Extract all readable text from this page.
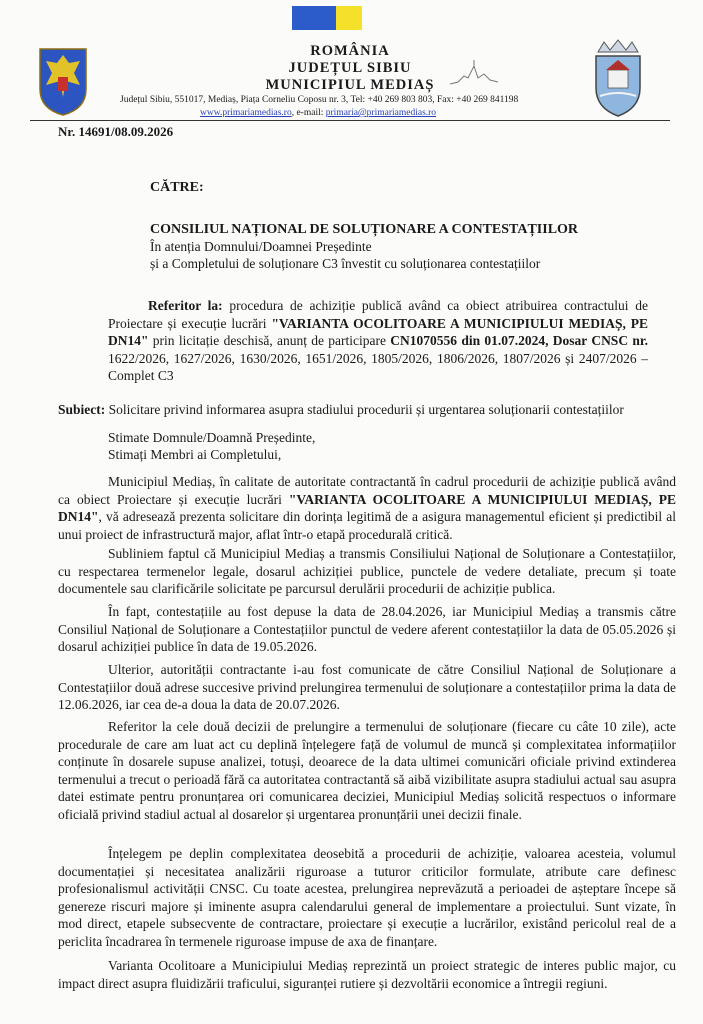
ROMÂNIA
JUDEȚUL SIBIU
MUNICIPIUL MEDIAȘ
Județul Sibiu, 551017, Mediaș, Piața Corneliu Coposu nr. 3, Tel: +40 269 803 803, Fax: +40 269 841198
www.primariamedias.ro, e-mail: primaria@primariamedias.ro
Nr. 14691/08.09.2026
CĂTRE:
CONSILIUL NAȚIONAL DE SOLUȚIONARE A CONTESTAȚIILOR
În atenția Domnului/Doamnei Președinte
și a Completului de soluționare C3 învestit cu soluționarea contestațiilor
Referitor la: procedura de achiziție publică având ca obiect atribuirea contractului de Proiectare și execuție lucrări "VARIANTA OCOLITOARE A MUNICIPIULUI MEDIAȘ, PE DN14" prin licitație deschisă, anunț de participare CN1070556 din 01.07.2024, Dosar CNSC nr. 1622/2026, 1627/2026, 1630/2026, 1651/2026, 1805/2026, 1806/2026, 1807/2026 și 2407/2026 – Complet C3
Subiect: Solicitare privind informarea asupra stadiului procedurii și urgentarea soluționarii contestațiilor
Stimate Domnule/Doamnă Președinte,
Stimați Membri ai Completului,
Municipiul Mediaș, în calitate de autoritate contractantă în cadrul procedurii de achiziție publică având ca obiect Proiectare și execuție lucrări "VARIANTA OCOLITOARE A MUNICIPIULUI MEDIAȘ, PE DN14", vă adresează prezenta solicitare din dorința legitimă de a asigura managementul eficient și predictibil al unui proiect de infrastructură major, aflat într-o etapă procedurală critică.
Subliniem faptul că Municipiul Mediaș a transmis Consiliului Național de Soluționare a Contestațiilor, cu respectarea termenelor legale, dosarul achiziției publice, punctele de vedere detaliate, precum și toate documentele sau clarificările solicitate pe parcursul derulării procedurii de achiziție publica.
În fapt, contestațiile au fost depuse la data de 28.04.2026, iar Municipiul Mediaș a transmis către Consiliul Național de Soluționare a Contestațiilor punctul de vedere aferent contestațiilor la data de 05.05.2026 și dosarul achiziției publice în data de 19.05.2026.
Ulterior, autorității contractante i-au fost comunicate de către Consiliul Național de Soluționare a Contestațiilor două adrese succesive privind prelungirea termenului de soluționare a contestațiilor prima la data de 12.06.2026, iar cea de-a doua la data de 20.07.2026.
Referitor la cele două decizii de prelungire a termenului de soluționare (fiecare cu câte 10 zile), acte procedurale de care am luat act cu deplină înțelegere față de volumul de muncă și complexitatea informațiilor conținute în dosarele supuse analizei, totuși, deoarece de la data ultimei comunicări oficiale privind extinderea termenului a trecut o perioadă fără ca autoritatea contractantă să aibă vizibilitate asupra stadiului actual sau asupra datei estimate pentru pronunțarea ori comunicarea deciziei, Municipiul Mediaș solicită respectuos o informare oficială privind stadiul actual al dosarelor și urgentarea pronunțării unei decizii finale.
Înțelegem pe deplin complexitatea deosebită a procedurii de achiziție, valoarea acesteia, volumul documentației și necesitatea analizării riguroase a tuturor criticilor formulate, atribute care definesc profesionalismul activității CNSC. Cu toate acestea, prelungirea neprevăzută a perioadei de așteptare începe să genereze riscuri majore și iminente asupra calendarului general de implementare a proiectului. Sunt vizate, în mod direct, etapele subsecvente de contractare, proiectare și execuție a lucrărilor, existând pericolul real de a periclita încadrarea în termenele riguroase impuse de axa de finanțare.
Varianta Ocolitoare a Municipiului Mediaș reprezintă un proiect strategic de interes public major, cu impact direct asupra fluidizării traficului, siguranței rutiere și dezvoltării economice a întregii regiuni.
